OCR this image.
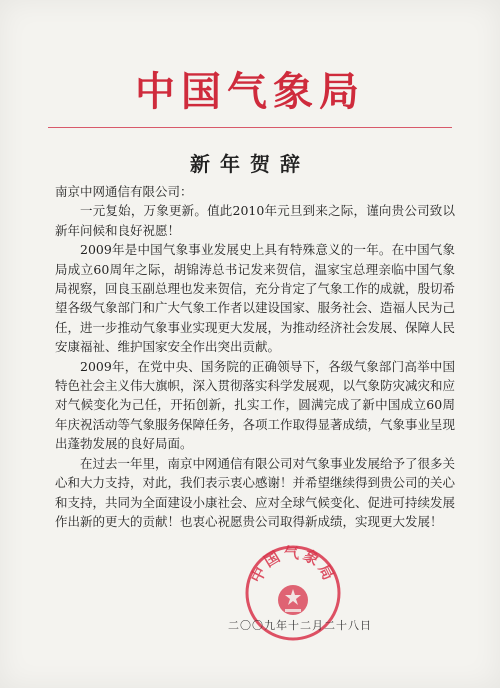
中国气象局
新年贺辞

南京中网通信有限公司：

一元复始，万象更新。值此2010年元旦到来之际，谨向贵公司致以新年问候和良好祝愿！

2009年是中国气象事业发展史上具有特殊意义的一年。在中国气象局成立60周年之际，胡锦涛总书记发来贺信，温家宝总理亲临中国气象局视察，回良玉副总理也发来贺信，充分肯定了气象工作的成就，殷切希望各级气象部门和广大气象工作者以建设国家、服务社会、造福人民为己任，进一步推动气象事业实现更大发展，为推动经济社会发展、保障人民安康福祉、维护国家安全作出突出贡献。

2009年，在党中央、国务院的正确领导下，各级气象部门高举中国特色社会主义伟大旗帜，深入贯彻落实科学发展观，以气象防灾减灾和应对气候变化为己任，开拓创新，扎实工作，圆满完成了新中国成立60周年庆祝活动等气象服务保障任务，各项工作取得显著成绩，气象事业呈现出蓬勃发展的良好局面。

在过去一年里，南京中网通信有限公司对气象事业发展给予了很多关心和大力支持，对此，我们表示衷心感谢！并希望继续得到贵公司的关心和支持，共同为全面建设小康社会、应对全球气候变化、促进可持续发展作出新的更大的贡献！也衷心祝愿贵公司取得新成绩，实现更大发展！

中国气象局
二〇〇九年十二月二十八日
